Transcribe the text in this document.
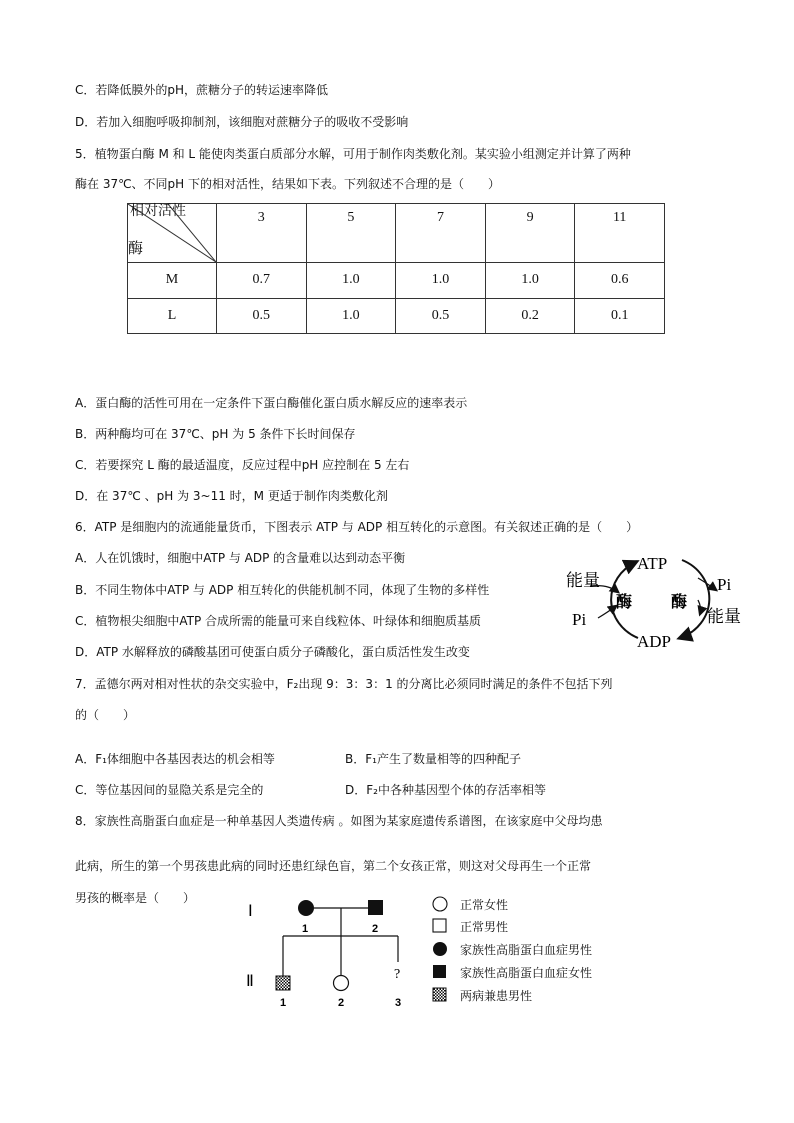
C．若降低膜外的pH，蔗糖分子的转运速率降低
D．若加入细胞呼吸抑制剂，该细胞对蔗糖分子的吸收不受影响
5．植物蛋白酶 M 和 L 能使肉类蛋白质部分水解，可用于制作肉类敷化剂。某实验小组测定并计算了两种
酶在 37℃、不同pH 下的相对活性，结果如下表。下列叙述不合理的是（　　）
相对活性
酶	3	5	7	9	11
M	0.7	1.0	1.0	1.0	0.6
L	0.5	1.0	0.5	0.2	0.1
A．蛋白酶的活性可用在一定条件下蛋白酶催化蛋白质水解反应的速率表示
B．两种酶均可在 37℃、pH 为 5 条件下长时间保存
C．若要探究 L 酶的最适温度，反应过程中pH 应控制在 5 左右
D．在 37℃ 、pH 为 3~11 时，M 更适于制作肉类敷化剂
6．ATP 是细胞内的流通能量货币，下图表示 ATP 与 ADP 相互转化的示意图。有关叙述正确的是（　　）
A．人在饥饿时，细胞中ATP 与 ADP 的含量难以达到动态平衡
B．不同生物体中ATP 与 ADP 相互转化的供能机制不同，体现了生物的多样性
C．植物根尖细胞中ATP 合成所需的能量可来自线粒体、叶绿体和细胞质基质
D．ATP 水解释放的磷酸基团可使蛋白质分子磷酸化，蛋白质活性发生改变
ATP
ADP
能量
Pi
Pi
能量
酶 酶
7．孟德尔两对相对性状的杂交实验中，F₂出现 9：3：3：1 的分离比必须同时满足的条件不包括下列
的（　　）
A．F₁体细胞中各基因表达的机会相等	B．F₁产生了数量相等的四种配子
C．等位基因间的显隐关系是完全的	D．F₂中各种基因型个体的存活率相等
8．家族性高脂蛋白血症是一种单基因人类遗传病 。如图为某家庭遗传系谱图，在该家庭中父母均患
此病，所生的第一个男孩患此病的同时还患红绿色盲，第二个女孩正常，则这对父母再生一个正常
男孩的概率是（　　）
Ⅰ
Ⅱ	?
1	2
1	2	3
正常女性
正常男性
家族性高脂蛋白血症男性
家族性高脂蛋白血症女性
两病兼患男性
